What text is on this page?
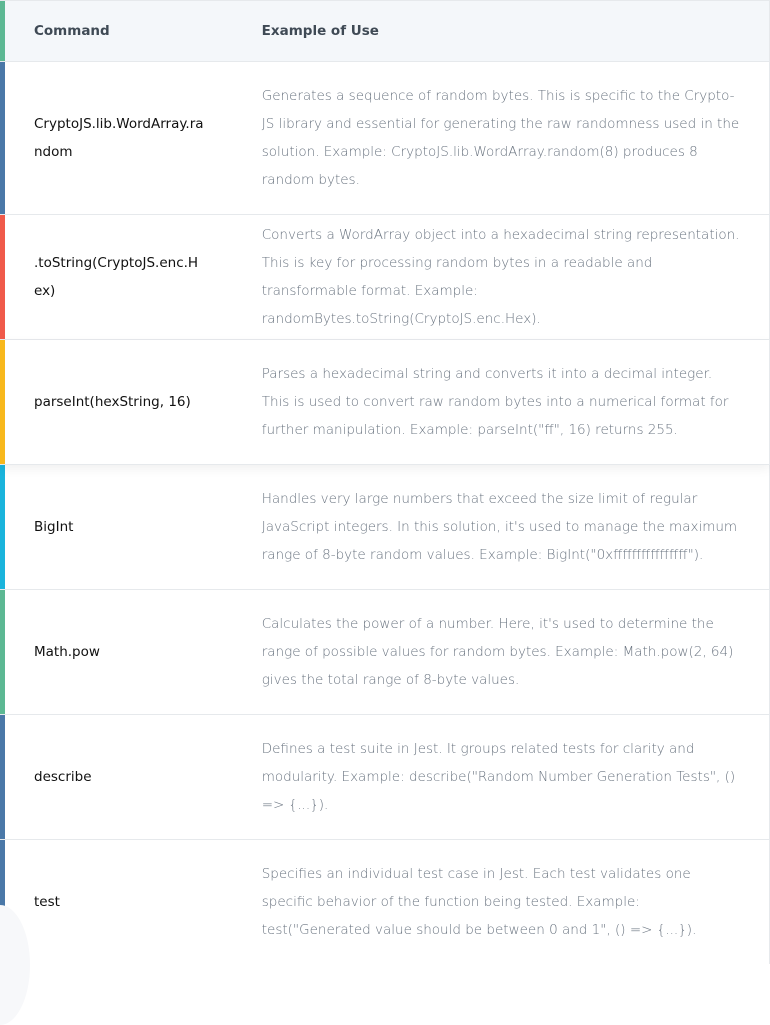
Command	Example of Use
CryptoJS.lib.WordArray.random
Generates a sequence of random bytes. This is specific to the Crypto-JS library and essential for generating the raw randomness used in the solution. Example: CryptoJS.lib.WordArray.random(8) produces 8 random bytes.
.toString(CryptoJS.enc.Hex)
Converts a WordArray object into a hexadecimal string representation. This is key for processing random bytes in a readable and transformable format. Example: randomBytes.toString(CryptoJS.enc.Hex).
parseInt(hexString, 16)
Parses a hexadecimal string and converts it into a decimal integer. This is used to convert raw random bytes into a numerical format for further manipulation. Example: parseInt("ff", 16) returns 255.
BigInt
Handles very large numbers that exceed the size limit of regular JavaScript integers. In this solution, it's used to manage the maximum range of 8-byte random values. Example: BigInt("0xffffffffffffffff").
Math.pow
Calculates the power of a number. Here, it's used to determine the range of possible values for random bytes. Example: Math.pow(2, 64) gives the total range of 8-byte values.
describe
Defines a test suite in Jest. It groups related tests for clarity and modularity. Example: describe("Random Number Generation Tests", () => {...}).
test
Specifies an individual test case in Jest. Each test validates one specific behavior of the function being tested. Example: test("Generated value should be between 0 and 1", () => {...}).
